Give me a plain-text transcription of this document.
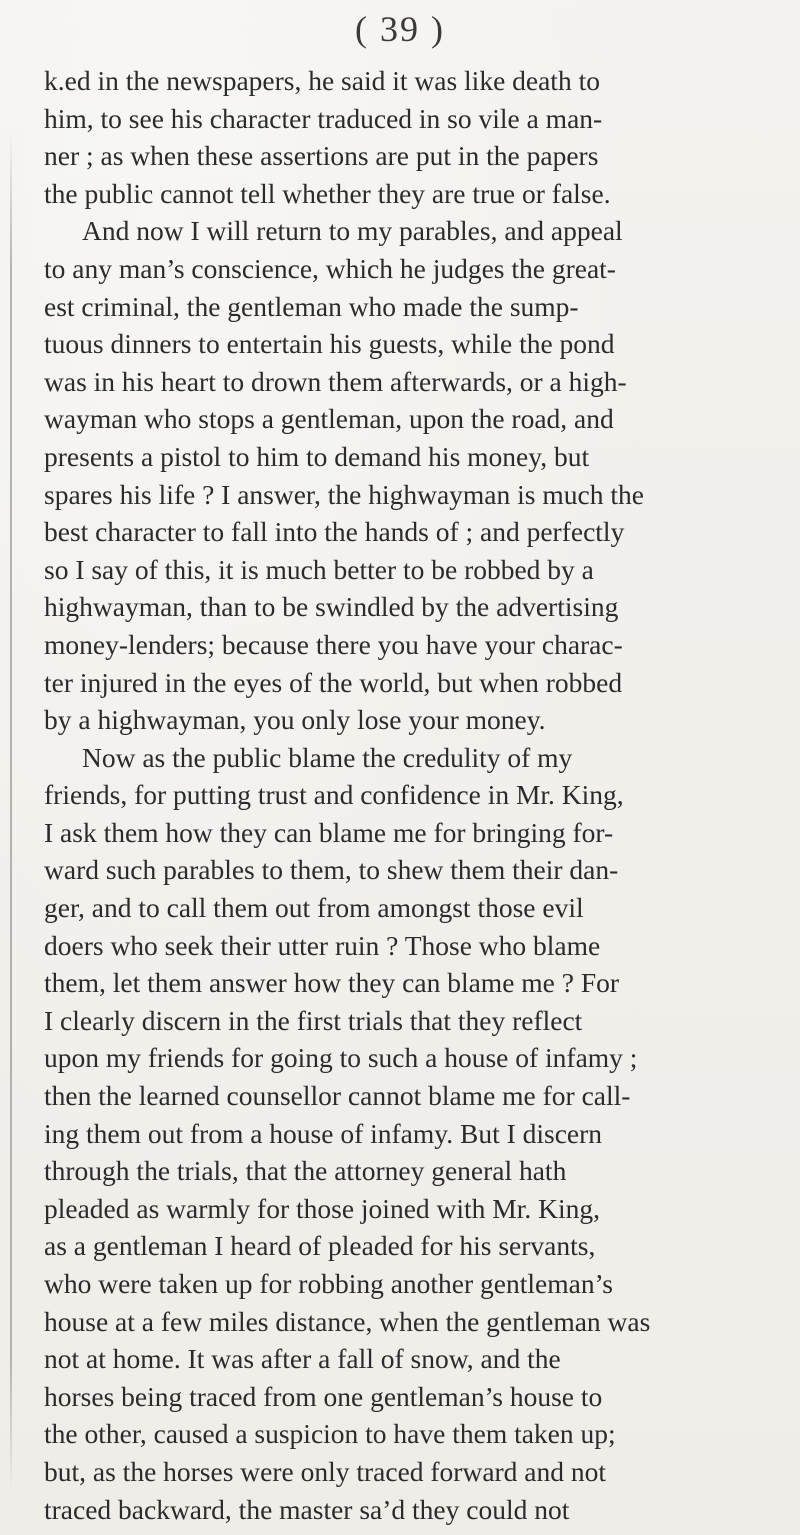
( 39 )
k.ed in the newspapers, he said it was like death to
him, to see his character traduced in so vile a man-
ner ; as when these assertions are put in the papers
the public cannot tell whether they are true or false.
And now I will return to my parables, and appeal
to any man’s conscience, which he judges the great-
est criminal, the gentleman who made the sump-
tuous dinners to entertain his guests, while the pond
was in his heart to drown them afterwards, or a high-
wayman who stops a gentleman, upon the road, and
presents a pistol to him to demand his money, but
spares his life ? I answer, the highwayman is much the
best character to fall into the hands of ; and perfectly
so I say of this, it is much better to be robbed by a
highwayman, than to be swindled by the advertising
money-lenders; because there you have your charac-
ter injured in the eyes of the world, but when robbed
by a highwayman, you only lose your money.
Now as the public blame the credulity of my
friends, for putting trust and confidence in Mr. King,
I ask them how they can blame me for bringing for-
ward such parables to them, to shew them their dan-
ger, and to call them out from amongst those evil
doers who seek their utter ruin ? Those who blame
them, let them answer how they can blame me ? For
I clearly discern in the first trials that they reflect
upon my friends for going to such a house of infamy ;
then the learned counsellor cannot blame me for call-
ing them out from a house of infamy. But I discern
through the trials, that the attorney general hath
pleaded as warmly for those joined with Mr. King,
as a gentleman I heard of pleaded for his servants,
who were taken up for robbing another gentleman’s
house at a few miles distance, when the gentleman was
not at home. It was after a fall of snow, and the
horses being traced from one gentleman’s house to
the other, caused a suspicion to have them taken up;
but, as the horses were only traced forward and not
traced backward, the master sa’d they could not
